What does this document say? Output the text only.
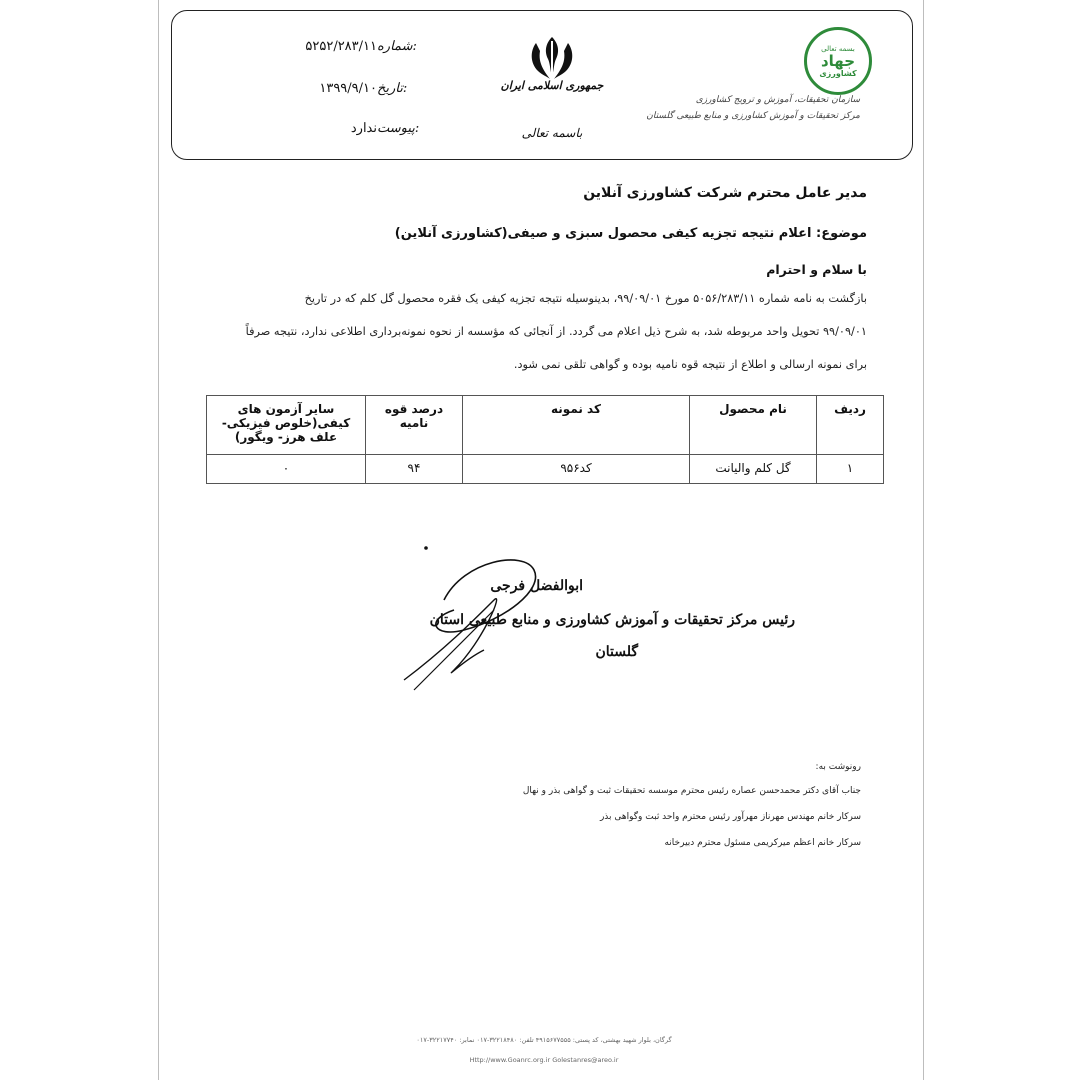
۵۲۵۲/۲۸۳/۱۱ شماره:
۱۳۹۹/۹/۱۰ تاریخ:
ندارد پیوست:
جمهوری اسلامی ایران
باسمه تعالی
بسمه تعالی
جهاد
کشاورزی
سازمان تحقیقات، آموزش و ترویج کشاورزی
مرکز تحقیقات و آموزش کشاورزی و منابع طبیعی گلستان
مدیر عامل محترم شرکت کشاورزی آنلاین
موضوع: اعلام نتیجه تجزیه کیفی محصول سبزی و صیفی(کشاورزی آنلاین)
با سلام و احترام
بازگشت به نامه شماره ۵۰۵۶/۲۸۳/۱۱ مورخ ۹۹/۰۹/۰۱، بدینوسیله نتیجه تجزیه کیفی یک فقره محصول گل کلم که در تاریخ
۹۹/۰۹/۰۱ تحویل واحد مربوطه شد، به شرح ذیل اعلام می گردد. از آنجائی که مؤسسه از نحوه نمونه‌برداری اطلاعی ندارد، نتیجه صرفاً
برای نمونه ارسالی و اطلاع از نتیجه قوه نامیه بوده و گواهی تلقی نمی شود.
ردیف	نام محصول	کد نمونه	درصد قوه نامیه	سایر آزمون های کیفی(خلوص فیزیکی- علف هرز- ویگور)
۱	گل کلم والیانت	کد۹۵۶	۹۴	۰
ابوالفضل فرجی
رئیس مرکز تحقیقات و آموزش کشاورزی و منابع طبیعی استان
گلستان
رونوشت به:
جناب آقای دکتر محمدحسن عصاره رئیس محترم موسسه تحقیقات ثبت و گواهی بذر و نهال
سرکار خانم مهندس مهرناز مهرآور رئیس محترم واحد ثبت وگواهی بذر
سرکار خانم اعظم میرکریمی مسئول محترم دبیرخانه
گرگان، بلوار شهید بهشتی، کد پستی: ۴۹۱۵۶۷۷۵۵۵ تلفن: ۳۲۲۱۸۴۸۰-۰۱۷ نمابر: ۳۲۲۱۷۷۴۰-۰۱۷
Http://www.Goanrc.org.ir Golestanres@areo.ir
